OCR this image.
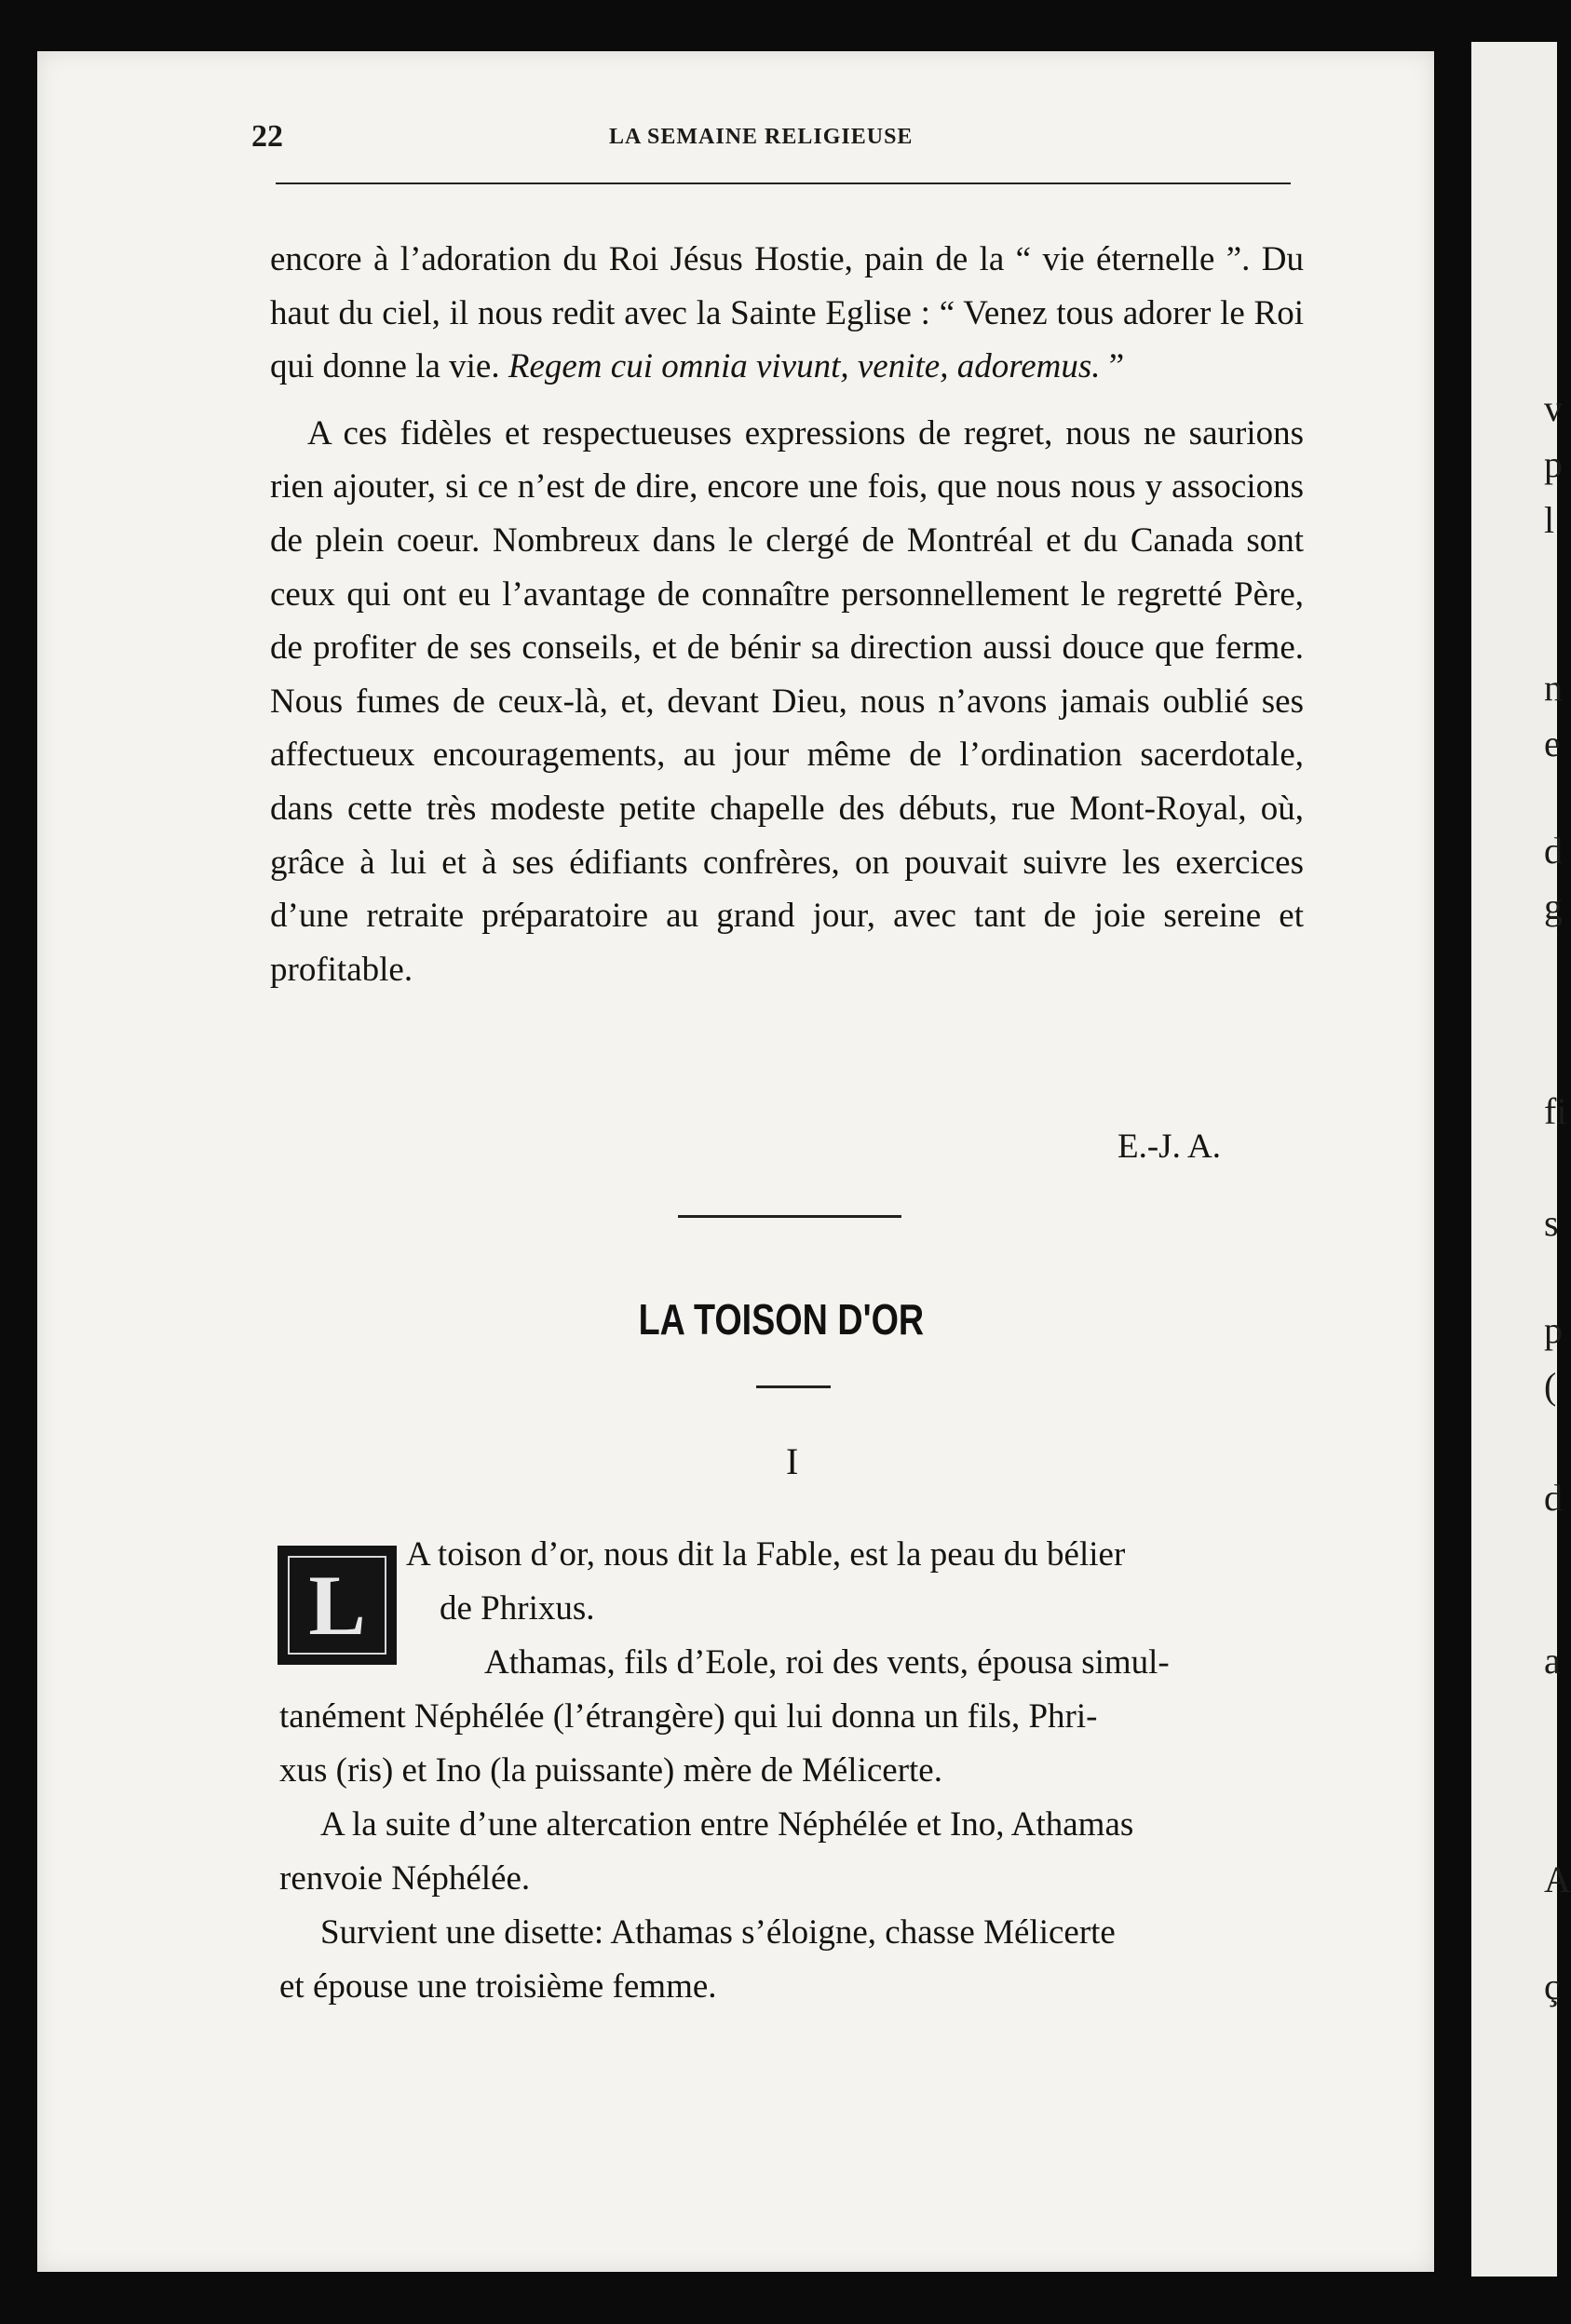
v
p
l
n
e
d
g
fi
s
p
(
d
a
A
ç
22	LA SEMAINE RELIGIEUSE

encore à l’adoration du Roi Jésus Hostie, pain de la “ vie éternelle ”. Du haut du ciel, il nous redit avec la Sainte Eglise : “ Venez tous adorer le Roi qui donne la vie. Regem cui omnia vivunt, venite, adoremus. ”

A ces fidèles et respectueuses expressions de regret, nous ne saurions rien ajouter, si ce n’est de dire, encore une fois, que nous nous y associons de plein coeur. Nombreux dans le clergé de Montréal et du Canada sont ceux qui ont eu l’avantage de connaître personnellement le regretté Père, de profiter de ses conseils, et de bénir sa direction aussi douce que ferme. Nous fumes de ceux-là, et, devant Dieu, nous n’avons jamais oublié ses affectueux encouragements, au jour même de l’ordination sacerdotale, dans cette très modeste petite chapelle des débuts, rue Mont-Royal, où, grâce à lui et à ses édifiants confrères, on pouvait suivre les exercices d’une retraite préparatoire au grand jour, avec tant de joie sereine et profitable.

E.-J. A.
LA TOISON D'OR
I
L
A toison d’or, nous dit la Fable, est la peau du bélier
de Phrixus.
Athamas, fils d’Eole, roi des vents, épousa simul-
tanément Néphélée (l’étrangère) qui lui donna un fils, Phri-
xus (ris) et Ino (la puissante) mère de Mélicerte.
A la suite d’une altercation entre Néphélée et Ino, Athamas
renvoie Néphélée.
Survient une disette: Athamas s’éloigne, chasse Mélicerte
et épouse une troisième femme.
